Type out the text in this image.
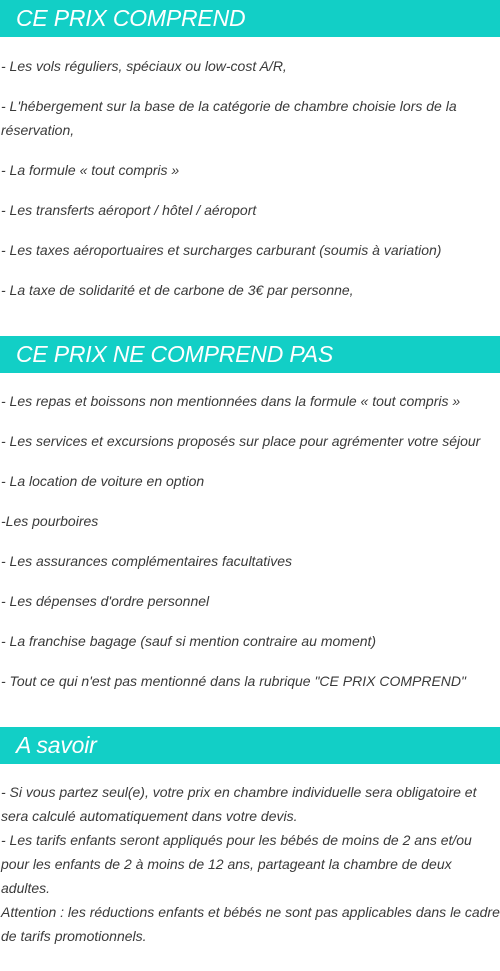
CE PRIX COMPREND
- Les vols réguliers, spéciaux ou low-cost A/R,
- L'hébergement sur la base de la catégorie de chambre choisie lors de la réservation,
- La formule « tout compris »
- Les transferts aéroport / hôtel / aéroport
- Les taxes aéroportuaires et surcharges carburant (soumis à variation)
- La taxe de solidarité et de carbone de 3€ par personne,
CE PRIX NE COMPREND PAS
- Les repas et boissons non mentionnées dans la formule « tout compris »
- Les services et excursions proposés sur place pour agrémenter votre séjour
- La location de voiture en option
-Les pourboires
- Les assurances complémentaires facultatives
- Les dépenses d'ordre personnel
- La franchise bagage (sauf si mention contraire au moment)
- Tout ce qui n'est pas mentionné dans la rubrique "CE PRIX COMPREND"
A savoir

- Si vous partez seul(e), votre prix en chambre individuelle sera obligatoire et sera calculé automatiquement dans votre devis.
- Les tarifs enfants seront appliqués pour les bébés de moins de 2 ans et/ou pour les enfants de 2 à moins de 12 ans, partageant la chambre de deux adultes.
Attention : les réductions enfants et bébés ne sont pas applicables dans le cadre de tarifs promotionnels.
